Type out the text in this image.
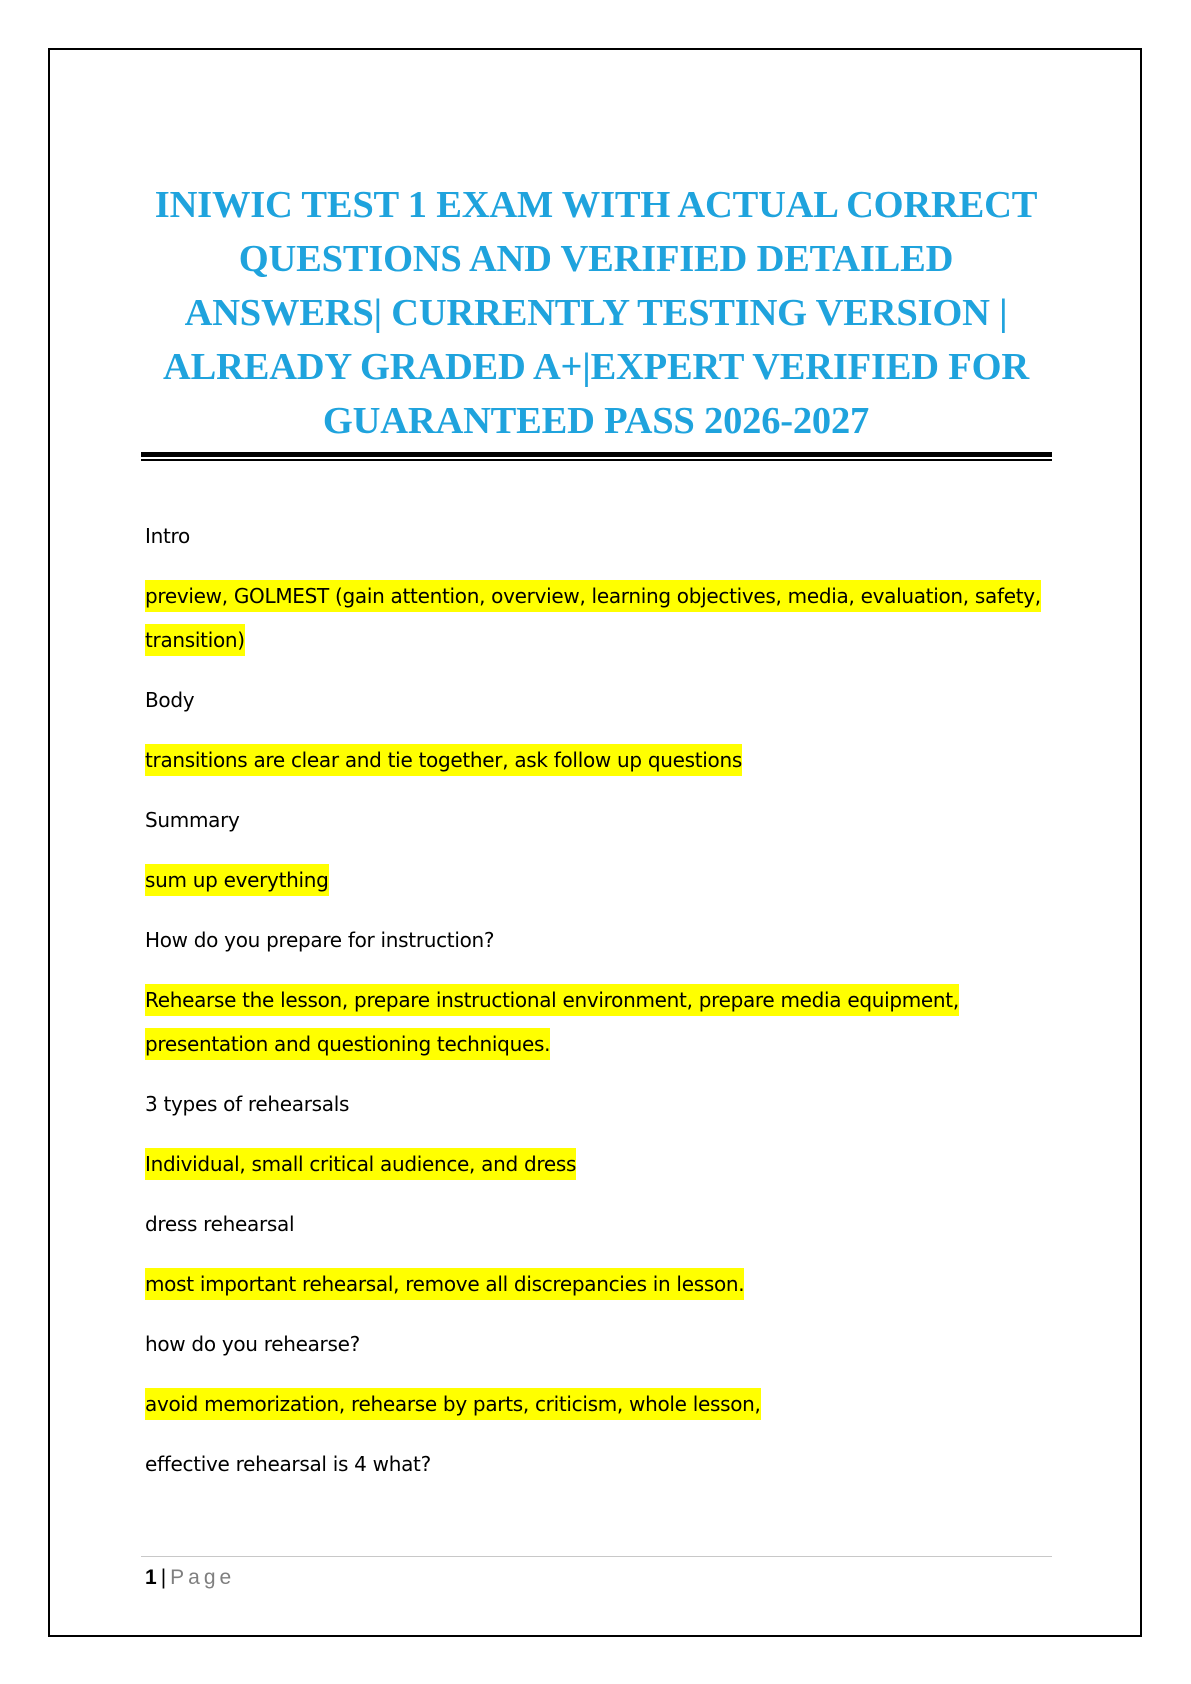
INIWIC TEST 1 EXAM WITH ACTUAL CORRECT QUESTIONS AND VERIFIED DETAILED ANSWERS| CURRENTLY TESTING VERSION | ALREADY GRADED A+|EXPERT VERIFIED FOR GUARANTEED PASS 2026-2027

Intro

preview, GOLMEST (gain attention, overview, learning objectives, media, evaluation, safety, transition)

Body

transitions are clear and tie together, ask follow up questions

Summary

sum up everything

How do you prepare for instruction?

Rehearse the lesson, prepare instructional environment, prepare media equipment, presentation and questioning techniques.

3 types of rehearsals

Individual, small critical audience, and dress

dress rehearsal

most important rehearsal, remove all discrepancies in lesson.

how do you rehearse?

avoid memorization, rehearse by parts, criticism, whole lesson,

effective rehearsal is 4 what?

1 | Page
